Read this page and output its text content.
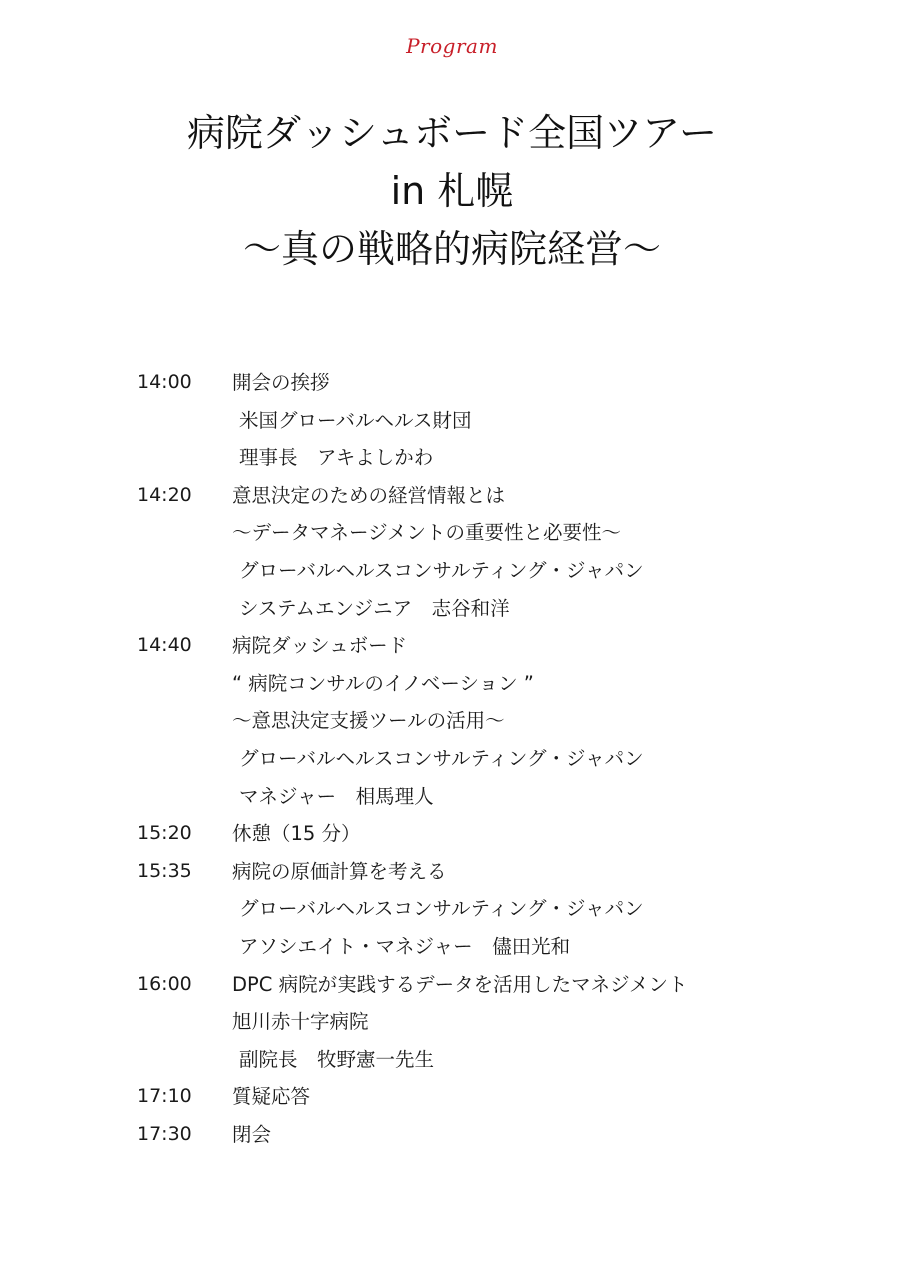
Program
病院ダッシュボード全国ツアー
in 札幌
～真の戦略的病院経営～
14:00	開会の挨拶
米国グローバルヘルス財団
理事長　アキよしかわ
14:20	意思決定のための経営情報とは
～データマネージメントの重要性と必要性～
グローバルヘルスコンサルティング・ジャパン
システムエンジニア　志谷和洋
14:40	病院ダッシュボード
“ 病院コンサルのイノベーション ”
～意思決定支援ツールの活用～
グローバルヘルスコンサルティング・ジャパン
マネジャー　相馬理人
15:20	休憩（15 分）
15:35	病院の原価計算を考える
グローバルヘルスコンサルティング・ジャパン
アソシエイト・マネジャー　儘田光和
16:00	DPC 病院が実践するデータを活用したマネジメント
旭川赤十字病院
副院長　牧野憲一先生
17:10	質疑応答
17:30	閉会
